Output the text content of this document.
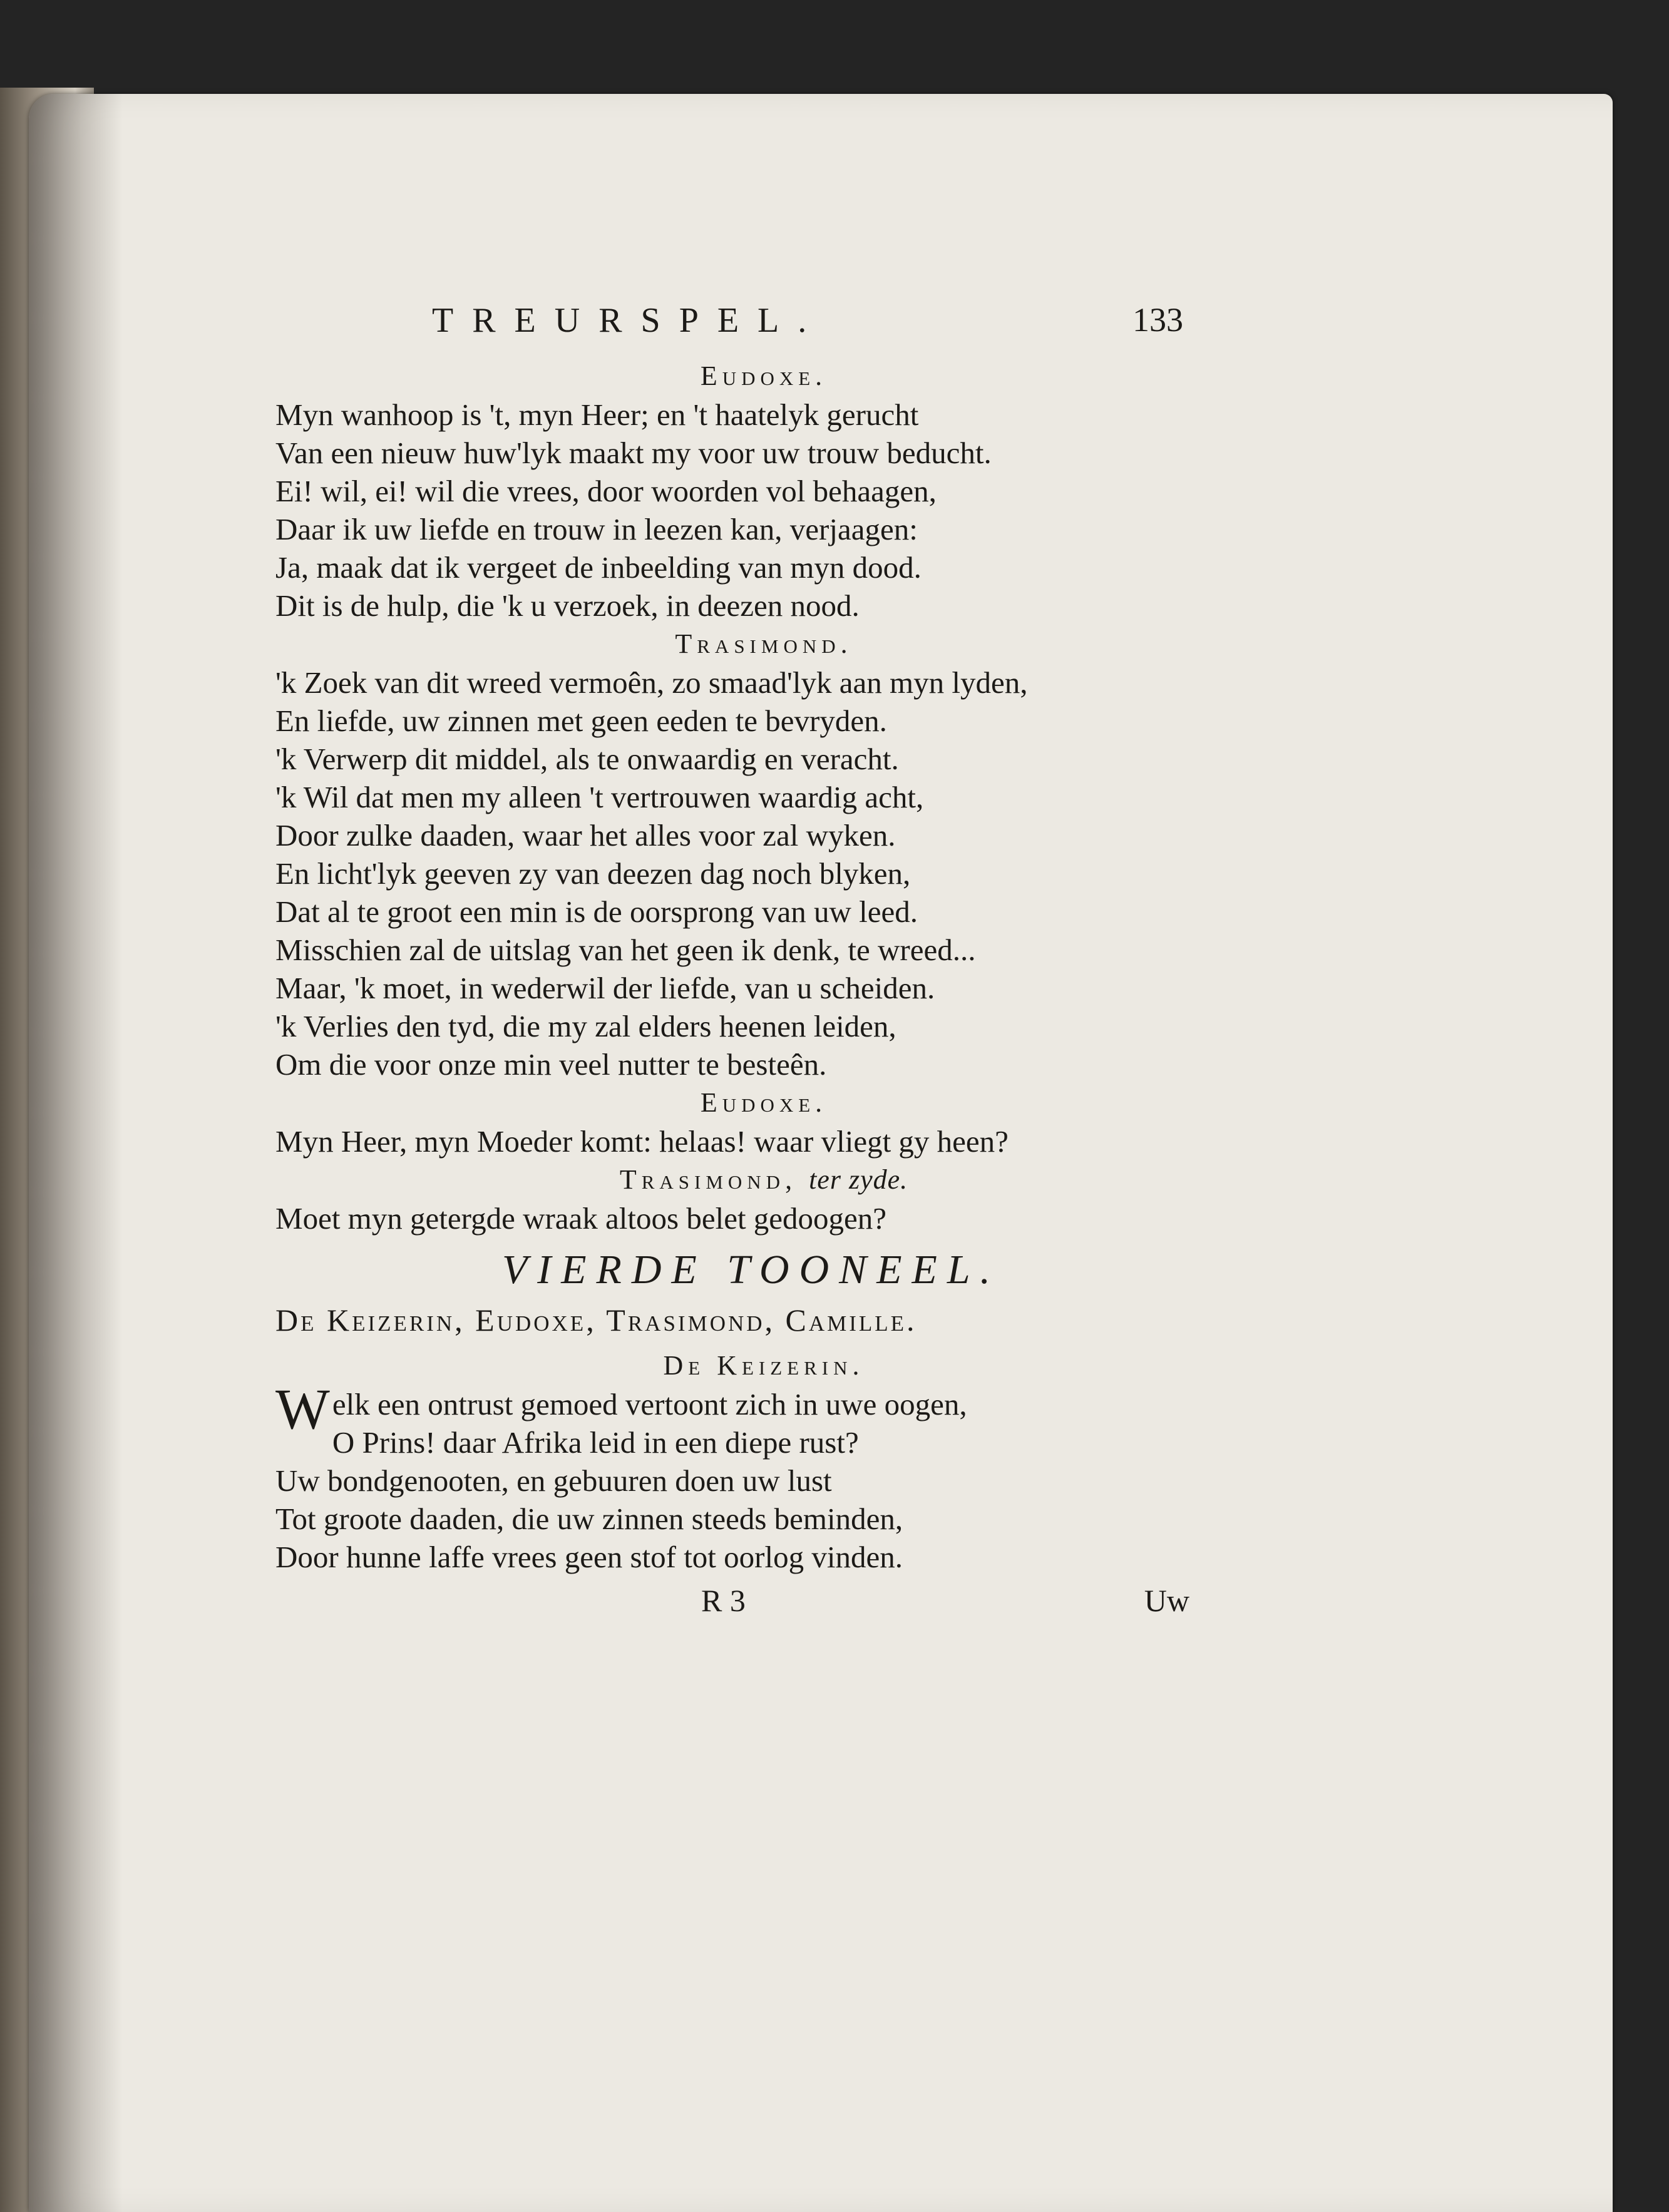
TREURSPEL.	133
Eudoxe.
Myn wanhoop is 't, myn Heer; en 't haatelyk gerucht
Van een nieuw huw'lyk maakt my voor uw trouw beducht.
Ei! wil, ei! wil die vrees, door woorden vol behaagen,
Daar ik uw liefde en trouw in leezen kan, verjaagen:
Ja, maak dat ik vergeet de inbeelding van myn dood.
Dit is de hulp, die 'k u verzoek, in deezen nood.
Trasimond.
'k Zoek van dit wreed vermoên, zo smaad'lyk aan myn lyden,
En liefde, uw zinnen met geen eeden te bevryden.
'k Verwerp dit middel, als te onwaardig en veracht.
'k Wil dat men my alleen 't vertrouwen waardig acht,
Door zulke daaden, waar het alles voor zal wyken.
En licht'lyk geeven zy van deezen dag noch blyken,
Dat al te groot een min is de oorsprong van uw leed.
Misschien zal de uitslag van het geen ik denk, te wreed...
Maar, 'k moet, in wederwil der liefde, van u scheiden.
'k Verlies den tyd, die my zal elders heenen leiden,
Om die voor onze min veel nutter te besteên.
Eudoxe.
Myn Heer, myn Moeder komt: helaas! waar vliegt gy heen?
Trasimond, ter zyde.
Moet myn getergde wraak altoos belet gedoogen?
VIERDE TOONEEL.
De Keizerin, Eudoxe, Trasimond, Camille.
De Keizerin.
Welk een ontrust gemoed vertoont zich in uwe oogen,
O Prins! daar Afrika leid in een diepe rust?
Uw bondgenooten, en gebuuren doen uw lust
Tot groote daaden, die uw zinnen steeds beminden,
Door hunne laffe vrees geen stof tot oorlog vinden.
R 3	Uw
